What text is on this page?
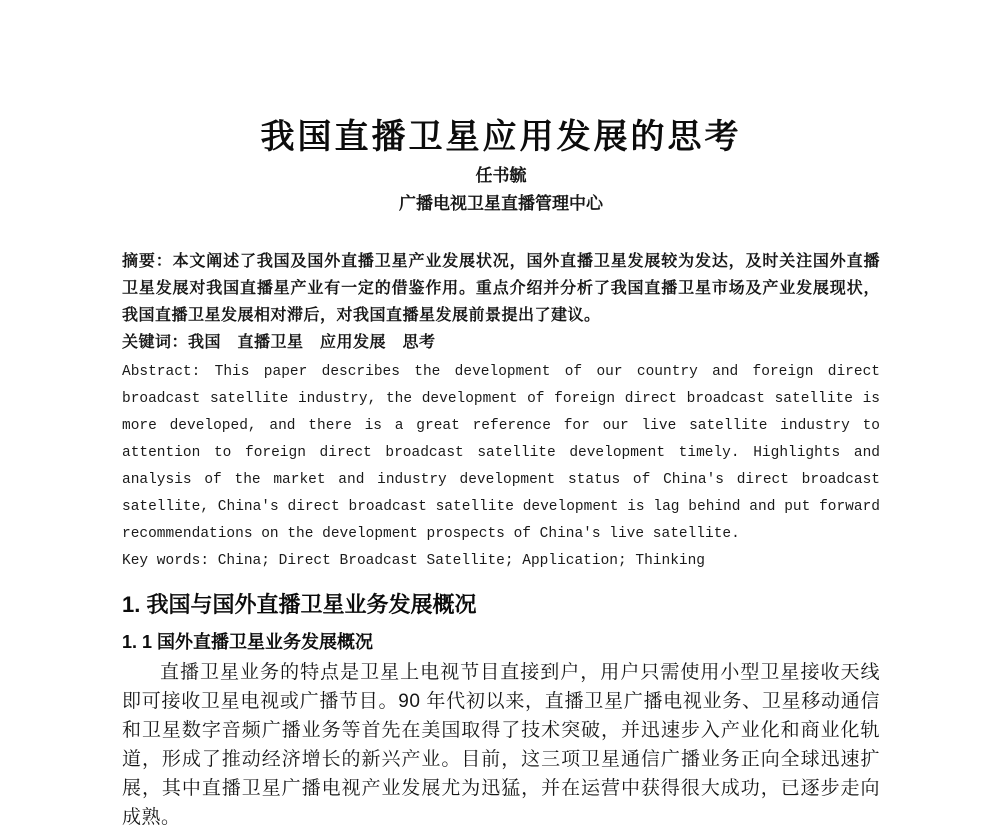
我国直播卫星应用发展的思考
任书毓
广播电视卫星直播管理中心

摘要：本文阐述了我国及国外直播卫星产业发展状况，国外直播卫星发展较为发达，及时关注国外直播卫星发展对我国直播星产业有一定的借鉴作用。重点介绍并分析了我国直播卫星市场及产业发展现状，我国直播卫星发展相对滞后，对我国直播星发展前景提出了建议。

关键词：我国　直播卫星　应用发展　思考

Abstract: This paper describes the development of our country and foreign direct broadcast satellite industry, the development of foreign direct broadcast satellite is more developed, and there is a great reference for our live satellite industry to attention to foreign direct broadcast satellite development timely. Highlights and analysis of the market and industry development status of China's direct broadcast satellite, China's direct broadcast satellite development is lag behind and put forward recommendations on the development prospects of China's live satellite.

Key words: China; Direct Broadcast Satellite; Application; Thinking

1. 我国与国外直播卫星业务发展概况
1. 1 国外直播卫星业务发展概况

直播卫星业务的特点是卫星上电视节目直接到户，用户只需使用小型卫星接收天线即可接收卫星电视或广播节目。90 年代初以来，直播卫星广播电视业务、卫星移动通信和卫星数字音频广播业务等首先在美国取得了技术突破，并迅速步入产业化和商业化轨道，形成了推动经济增长的新兴产业。目前，这三项卫星通信广播业务正向全球迅速扩展，其中直播卫星广播电视产业发展尤为迅猛，并在运营中获得很大成功，已逐步走向成熟。
